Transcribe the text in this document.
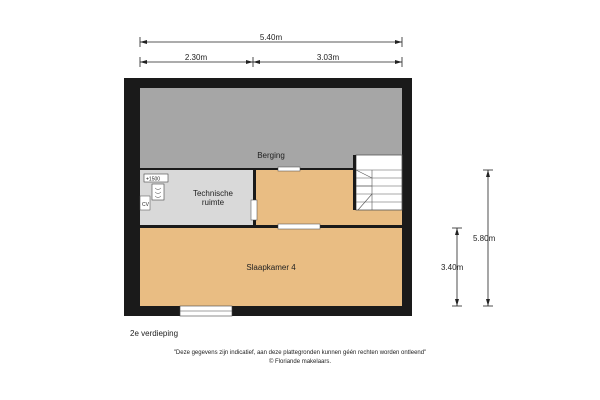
5.40m
2.30m	3.03m
+1500
CV
Berging
Technische
ruimte
Slaapkamer 4
5.80m
3.40m
2e verdieping
"Deze gegevens zijn indicatief, aan deze plattegronden kunnen géén rechten worden ontleend"
© Floriande makelaars.
